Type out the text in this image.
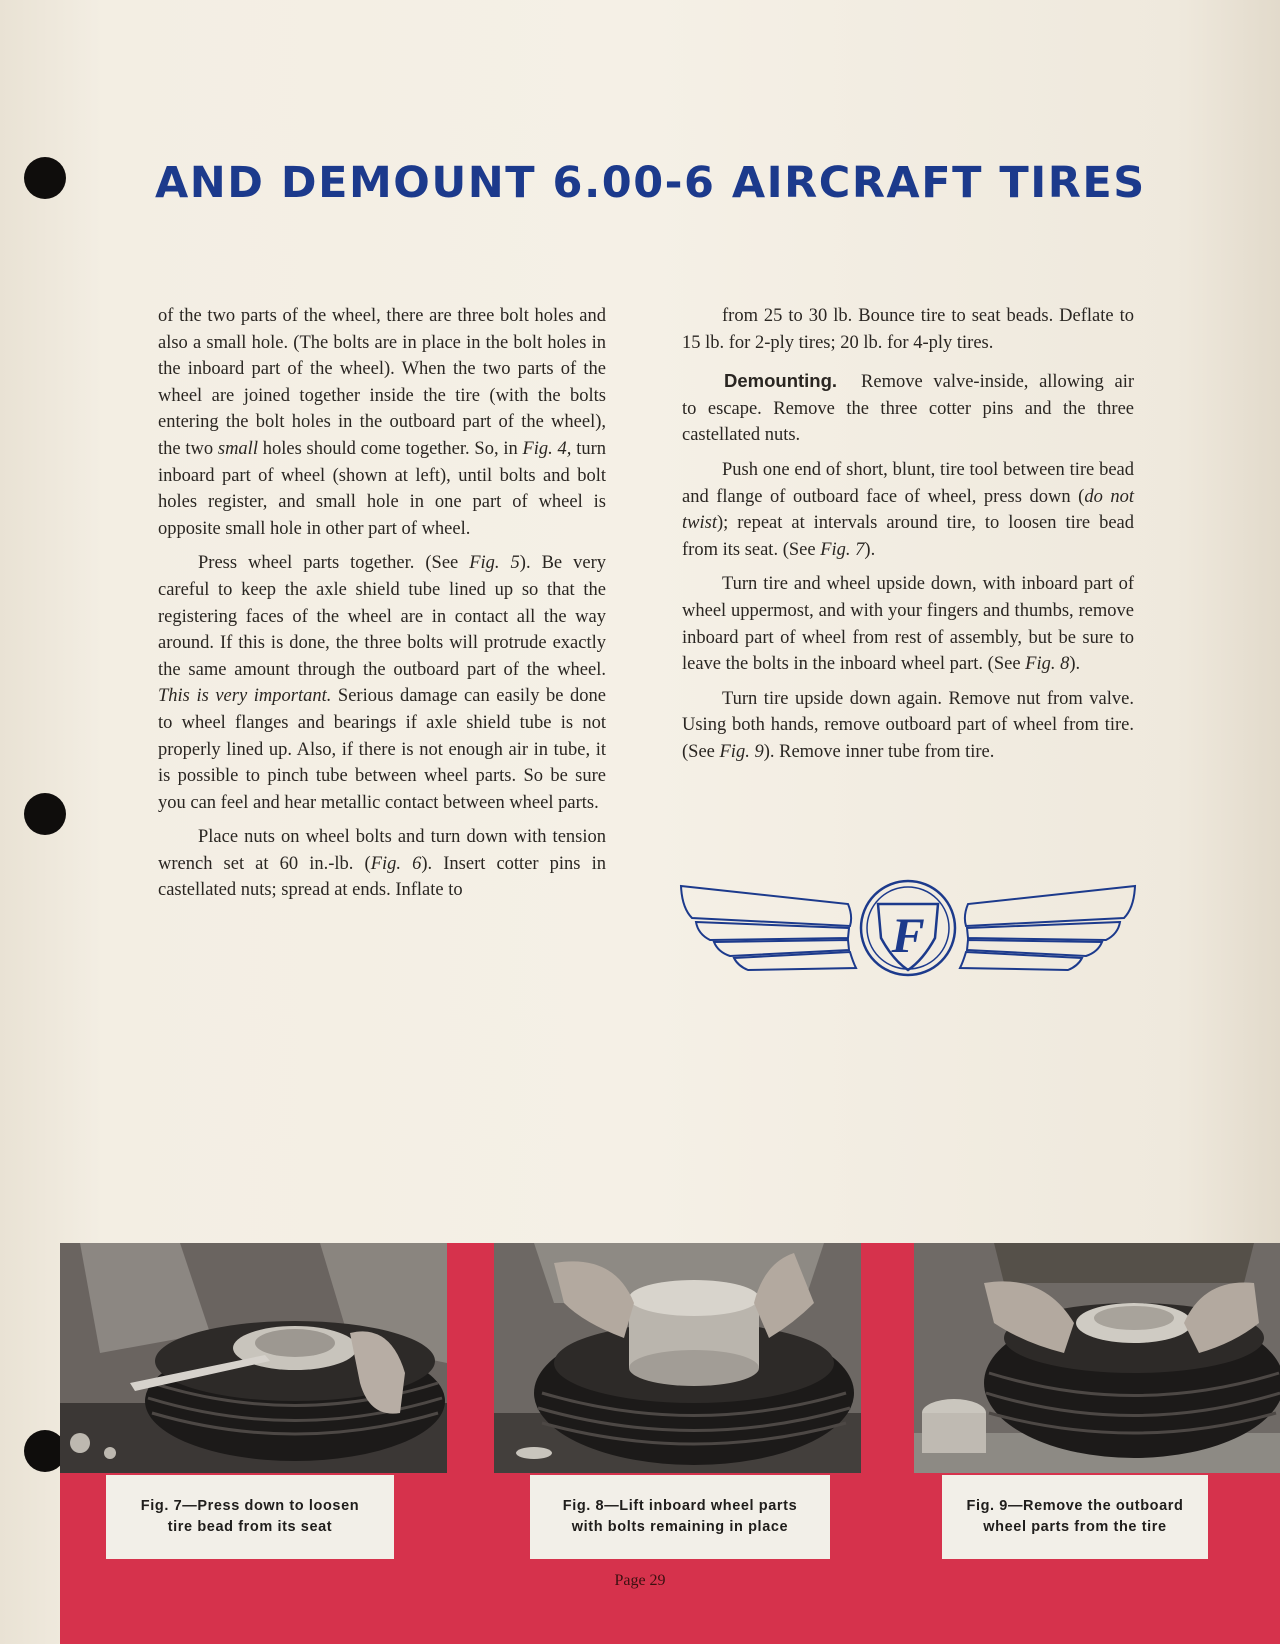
AND DEMOUNT 6.00-6 AIRCRAFT TIRES

of the two parts of the wheel, there are three bolt holes and also a small hole. (The bolts are in place in the bolt holes in the inboard part of the wheel). When the two parts of the wheel are joined together inside the tire (with the bolts entering the bolt holes in the outboard part of the wheel), the two small holes should come together. So, in Fig. 4, turn inboard part of wheel (shown at left), until bolts and bolt holes register, and small hole in one part of wheel is opposite small hole in other part of wheel.

Press wheel parts together. (See Fig. 5). Be very careful to keep the axle shield tube lined up so that the registering faces of the wheel are in contact all the way around. If this is done, the three bolts will protrude exactly the same amount through the outboard part of the wheel. This is very important. Serious damage can easily be done to wheel flanges and bearings if axle shield tube is not properly lined up. Also, if there is not enough air in tube, it is possible to pinch tube between wheel parts. So be sure you can feel and hear metallic contact between wheel parts.

Place nuts on wheel bolts and turn down with tension wrench set at 60 in.-lb. (Fig. 6). Insert cotter pins in castellated nuts; spread at ends. Inflate to

from 25 to 30 lb. Bounce tire to seat beads. Deflate to 15 lb. for 2-ply tires; 20 lb. for 4-ply tires.

Demounting. Remove valve-inside, allowing air to escape. Remove the three cotter pins and the three castellated nuts.

Push one end of short, blunt, tire tool between tire bead and flange of outboard face of wheel, press down (do not twist); repeat at intervals around tire, to loosen tire bead from its seat. (See Fig. 7).

Turn tire and wheel upside down, with inboard part of wheel uppermost, and with your fingers and thumbs, remove inboard part of wheel from rest of assembly, but be sure to leave the bolts in the inboard wheel part. (See Fig. 8).

Turn tire upside down again. Remove nut from valve. Using both hands, remove outboard part of wheel from tire. (See Fig. 9). Remove inner tube from tire.

F
Fig. 7—Press down to loosen
tire bead from its seat
Fig. 8—Lift inboard wheel parts
with bolts remaining in place
Fig. 9—Remove the outboard
wheel parts from the tire
Page 29
